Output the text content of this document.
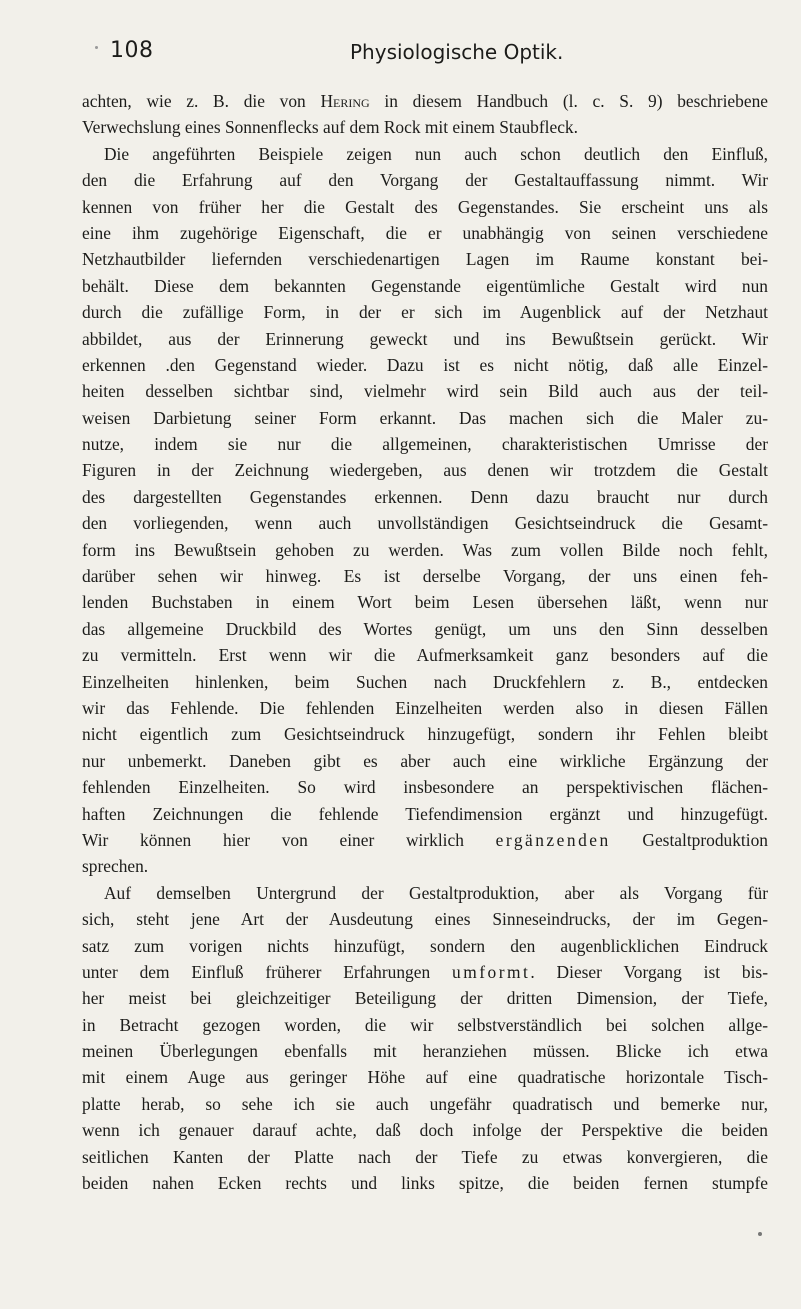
108	Physiologische Optik.
achten, wie z. B. die von Hering in diesem Handbuch (l. c. S. 9) beschriebene
Verwechslung eines Sonnenflecks auf dem Rock mit einem Staubfleck.
Die angeführten Beispiele zeigen nun auch schon deutlich den Einfluß,
den die Erfahrung auf den Vorgang der Gestaltauffassung nimmt. Wir
kennen von früher her die Gestalt des Gegenstandes. Sie erscheint uns als
eine ihm zugehörige Eigenschaft, die er unabhängig von seinen verschiedene
Netzhautbilder liefernden verschiedenartigen Lagen im Raume konstant bei-
behält. Diese dem bekannten Gegenstande eigentümliche Gestalt wird nun
durch die zufällige Form, in der er sich im Augenblick auf der Netzhaut
abbildet, aus der Erinnerung geweckt und ins Bewußtsein gerückt. Wir
erkennen .den Gegenstand wieder. Dazu ist es nicht nötig, daß alle Einzel-
heiten desselben sichtbar sind, vielmehr wird sein Bild auch aus der teil-
weisen Darbietung seiner Form erkannt. Das machen sich die Maler zu-
nutze, indem sie nur die allgemeinen, charakteristischen Umrisse der
Figuren in der Zeichnung wiedergeben, aus denen wir trotzdem die Gestalt
des dargestellten Gegenstandes erkennen. Denn dazu braucht nur durch
den vorliegenden, wenn auch unvollständigen Gesichtseindruck die Gesamt-
form ins Bewußtsein gehoben zu werden. Was zum vollen Bilde noch fehlt,
darüber sehen wir hinweg. Es ist derselbe Vorgang, der uns einen feh-
lenden Buchstaben in einem Wort beim Lesen übersehen läßt, wenn nur
das allgemeine Druckbild des Wortes genügt, um uns den Sinn desselben
zu vermitteln. Erst wenn wir die Aufmerksamkeit ganz besonders auf die
Einzelheiten hinlenken, beim Suchen nach Druckfehlern z. B., entdecken
wir das Fehlende. Die fehlenden Einzelheiten werden also in diesen Fällen
nicht eigentlich zum Gesichtseindruck hinzugefügt, sondern ihr Fehlen bleibt
nur unbemerkt. Daneben gibt es aber auch eine wirkliche Ergänzung der
fehlenden Einzelheiten. So wird insbesondere an perspektivischen flächen-
haften Zeichnungen die fehlende Tiefendimension ergänzt und hinzugefügt.
Wir können hier von einer wirklich ergänzenden Gestaltproduktion
sprechen.
Auf demselben Untergrund der Gestaltproduktion, aber als Vorgang für
sich, steht jene Art der Ausdeutung eines Sinneseindrucks, der im Gegen-
satz zum vorigen nichts hinzufügt, sondern den augenblicklichen Eindruck
unter dem Einfluß früherer Erfahrungen umformt. Dieser Vorgang ist bis-
her meist bei gleichzeitiger Beteiligung der dritten Dimension, der Tiefe,
in Betracht gezogen worden, die wir selbstverständlich bei solchen allge-
meinen Überlegungen ebenfalls mit heranziehen müssen. Blicke ich etwa
mit einem Auge aus geringer Höhe auf eine quadratische horizontale Tisch-
platte herab, so sehe ich sie auch ungefähr quadratisch und bemerke nur,
wenn ich genauer darauf achte, daß doch infolge der Perspektive die beiden
seitlichen Kanten der Platte nach der Tiefe zu etwas konvergieren, die
beiden nahen Ecken rechts und links spitze, die beiden fernen stumpfe
